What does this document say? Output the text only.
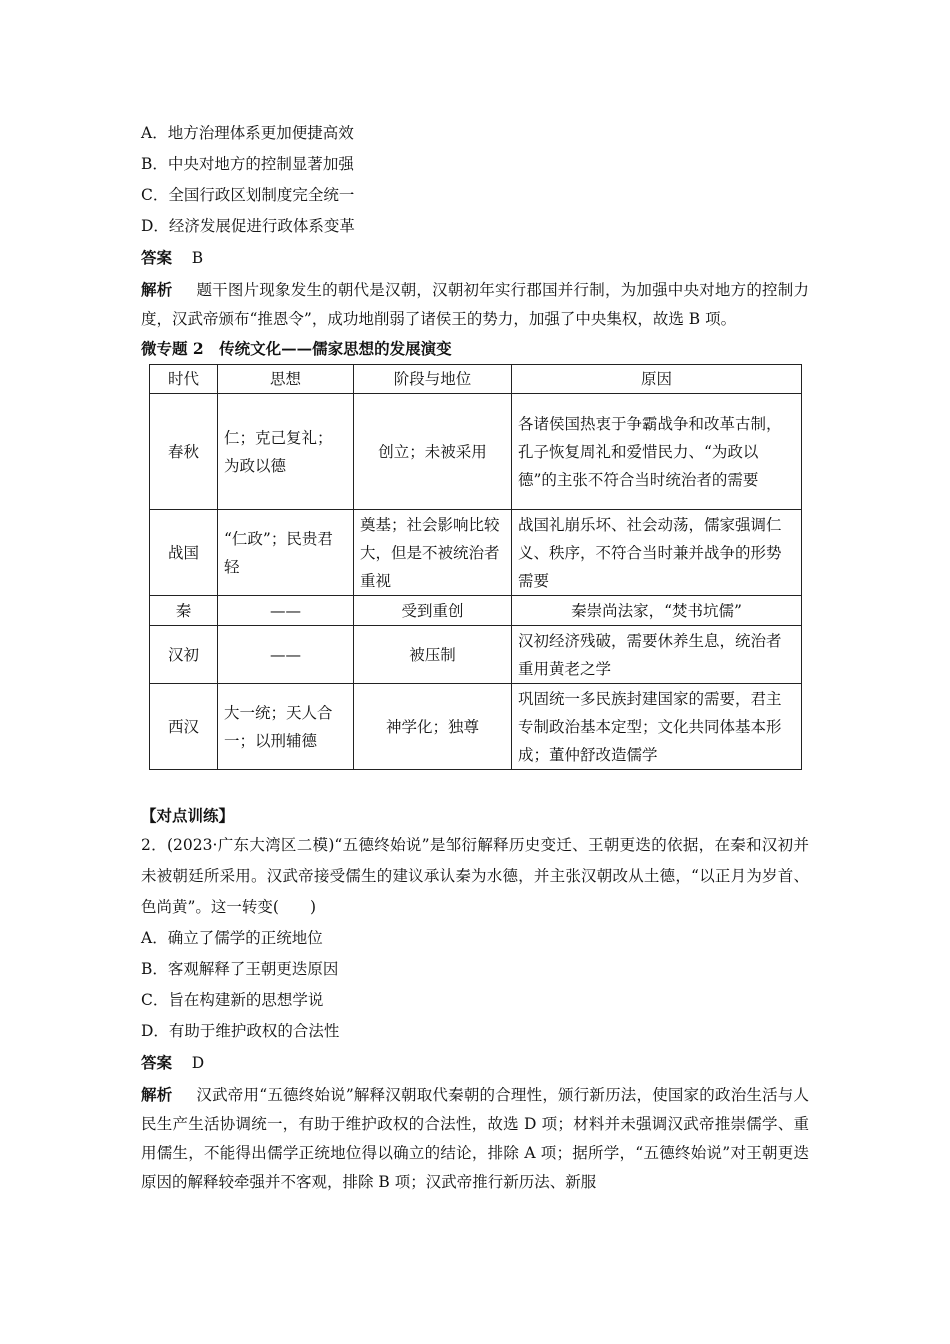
A．地方治理体系更加便捷高效
B．中央对地方的控制显著加强
C．全国行政区划制度完全统一
D．经济发展促进行政体系变革
答案 B
解析 题干图片现象发生的朝代是汉朝，汉朝初年实行郡国并行制，为加强中央对地方的控制力度，汉武帝颁布“推恩令”，成功地削弱了诸侯王的势力，加强了中央集权，故选 B 项。
微专题 2　传统文化——儒家思想的发展演变
时代	思想	阶段与地位	原因
春秋	仁；克己复礼；为政以德	创立；未被采用	各诸侯国热衷于争霸战争和改革古制，孔子恢复周礼和爱惜民力、“为政以德”的主张不符合当时统治者的需要
战国	“仁政”；民贵君轻	奠基；社会影响比较大，但是不被统治者重视	战国礼崩乐坏、社会动荡，儒家强调仁义、秩序，不符合当时兼并战争的形势需要
秦	——	受到重创	秦崇尚法家，“焚书坑儒”
汉初	——	被压制	汉初经济残破，需要休养生息，统治者重用黄老之学
西汉	大一统；天人合一；以刑辅德	神学化；独尊	巩固统一多民族封建国家的需要，君主专制政治基本定型；文化共同体基本形成；董仲舒改造儒学
【对点训练】
2．(2023·广东大湾区二模)“五德终始说”是邹衍解释历史变迁、王朝更迭的依据，在秦和汉初并未被朝廷所采用。汉武帝接受儒生的建议承认秦为水德，并主张汉朝改从土德，“以正月为岁首、色尚黄”。这一转变(　　)
A．确立了儒学的正统地位
B．客观解释了王朝更迭原因
C．旨在构建新的思想学说
D．有助于维护政权的合法性
答案 D
解析 汉武帝用“五德终始说”解释汉朝取代秦朝的合理性，颁行新历法，使国家的政治生活与人民生产生活协调统一，有助于维护政权的合法性，故选 D 项；材料并未强调汉武帝推崇儒学、重用儒生，不能得出儒学正统地位得以确立的结论，排除 A 项；据所学，“五德终始说”对王朝更迭原因的解释较牵强并不客观，排除 B 项；汉武帝推行新历法、新服
